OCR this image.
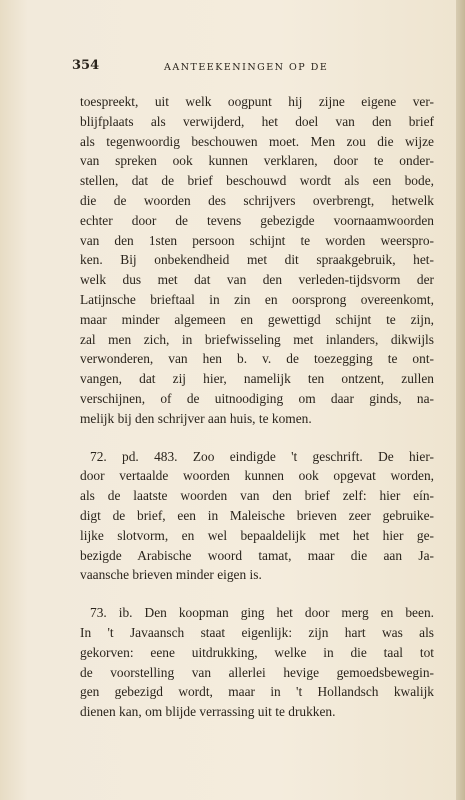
354	AANTEEKENINGEN OP DE
toespreekt, uit welk oogpunt hij zijne eigene ver-
blijfplaats als verwijderd, het doel van den brief
als tegenwoordig beschouwen moet. Men zou die wijze
van spreken ook kunnen verklaren, door te onder-
stellen, dat de brief beschouwd wordt als een bode,
die de woorden des schrijvers overbrengt, hetwelk
echter door de tevens gebezigde voornaamwoorden
van den 1sten persoon schijnt te worden weerspro-
ken. Bij onbekendheid met dit spraakgebruik, het-
welk dus met dat van den verleden-tijdsvorm der
Latijnsche brieftaal in zin en oorsprong overeenkomt,
maar minder algemeen en gewettigd schijnt te zijn,
zal men zich, in briefwisseling met inlanders, dikwijls
verwonderen, van hen b. v. de toezegging te ont-
vangen, dat zij hier, namelijk ten ontzent, zullen
verschijnen, of de uitnoodiging om daar ginds, na-
melijk bij den schrijver aan huis, te komen.
72. pd. 483. Zoo eindigde 't geschrift. De hier-
door vertaalde woorden kunnen ook opgevat worden,
als de laatste woorden van den brief zelf: hier eín-
digt de brief, een in Maleische brieven zeer gebruike-
lijke slotvorm, en wel bepaaldelijk met het hier ge-
bezigde Arabische woord tamat, maar die aan Ja-
vaansche brieven minder eigen is.
73. ib. Den koopman ging het door merg en been.
In 't Javaansch staat eigenlijk: zijn hart was als
gekorven: eene uitdrukking, welke in die taal tot
de voorstelling van allerlei hevige gemoedsbewegin-
gen gebezigd wordt, maar in 't Hollandsch kwalijk
dienen kan, om blijde verrassing uit te drukken.
